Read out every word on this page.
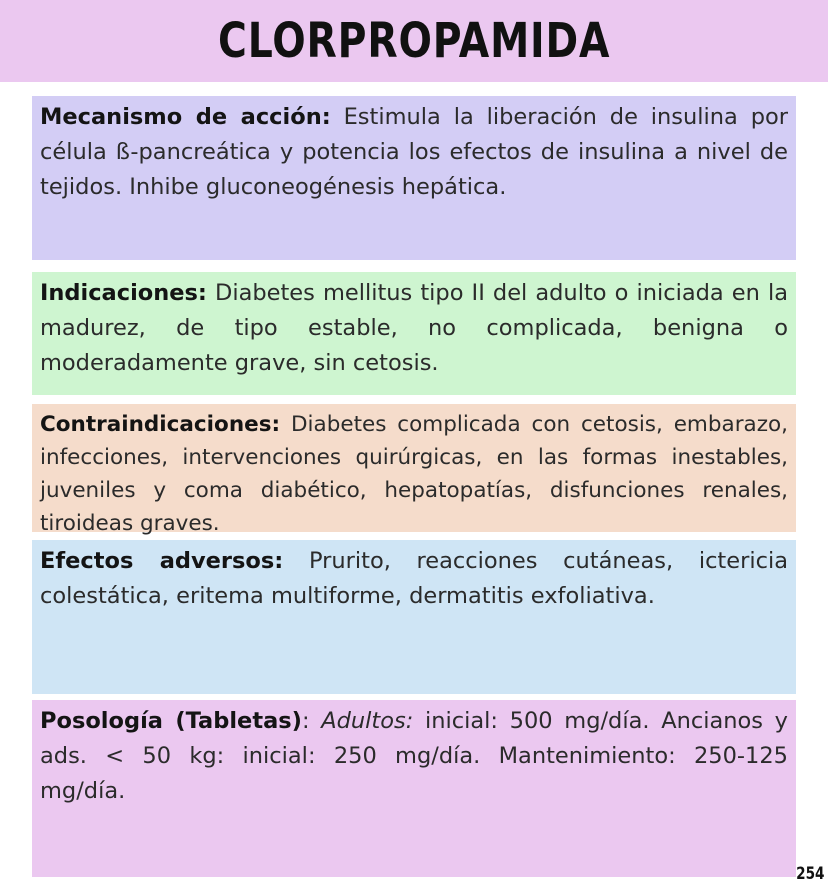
CLORPROPAMIDA
Mecanismo de acción: Estimula la liberación de insulina por célula ß-pancreática y potencia los efectos de insulina a nivel de tejidos. Inhibe gluconeogénesis hepática.
Indicaciones: Diabetes mellitus tipo II del adulto o iniciada en la madurez, de tipo estable, no complicada, benigna o moderadamente grave, sin cetosis.
Contraindicaciones: Diabetes complicada con cetosis, embarazo, infecciones, intervenciones quirúrgicas, en las formas inestables, juveniles y coma diabético, hepatopatías, disfunciones renales, tiroideas graves.
Efectos adversos: Prurito, reacciones cutáneas, ictericia colestática, eritema multiforme, dermatitis exfoliativa.
Posología (Tabletas): Adultos: inicial: 500 mg/día. Ancianos y ads. < 50 kg: inicial: 250 mg/día. Mantenimiento: 250-125 mg/día.
254
